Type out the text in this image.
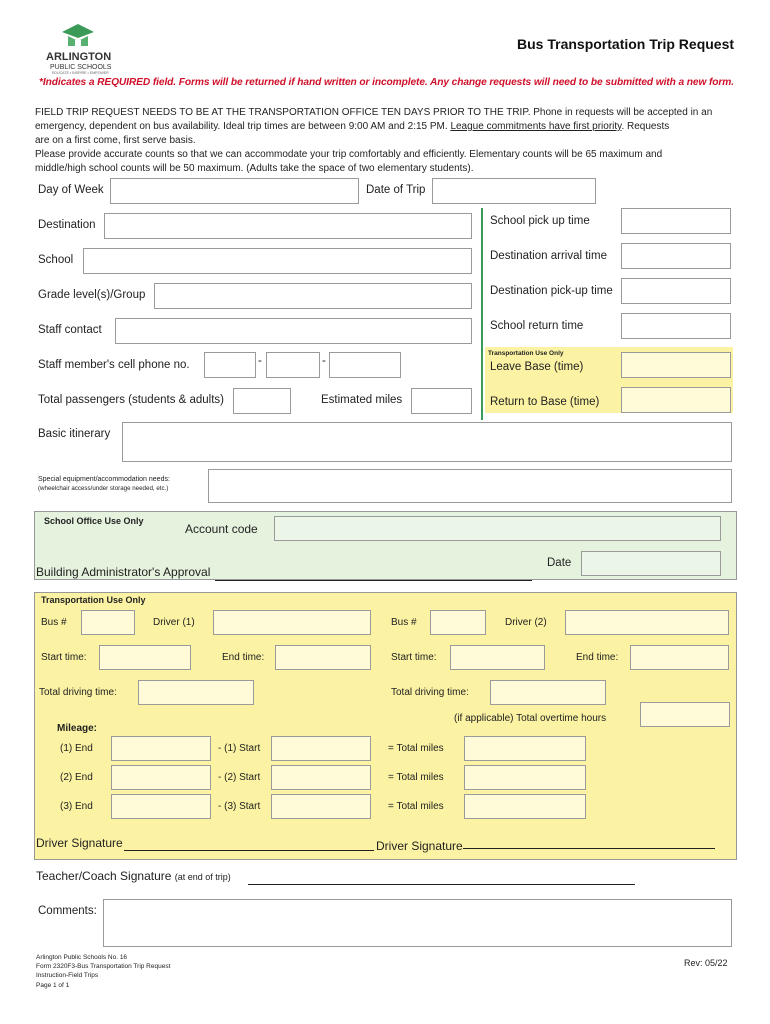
ARLINGTON
PUBLIC SCHOOLS
EDUCATE • INSPIRE • EMPOWER
Bus Transportation Trip Request
*Indicates a REQUIRED field. Forms will be returned if hand written or incomplete. Any change requests will need to be submitted with a new form.
FIELD TRIP REQUEST NEEDS TO BE AT THE TRANSPORTATION OFFICE TEN DAYS PRIOR TO THE TRIP. Phone in requests will be accepted in an
emergency, dependent on bus availability. Ideal trip times are between 9:00 AM and 2:15 PM. League commitments have first priority. Requests
are on a first come, first serve basis.
Please provide accurate counts so that we can accommodate your trip comfortably and efficiently. Elementary counts will be 65 maximum and
middle/high school counts will be 50 maximum. (Adults take the space of two elementary students).
Day of Week	Date of Trip
Destination
School
Grade level(s)/Group
Staff contact
Staff member's cell phone no.	-	-
Total passengers (students & adults)	Estimated miles
School pick up time
Destination arrival time
Destination pick-up time
School return time
Transportation Use Only
Leave Base (time)
Return to Base (time)
Basic itinerary
Special equipment/accommodation needs:
(wheelchair access/under storage needed, etc.)
School Office Use Only
Account code
Date
Building Administrator's Approval
Transportation Use Only
Bus #	Driver (1)	Bus #	Driver (2)
Start time:	End time:	Start time:	End time:
Total driving time:	Total driving time:
(if applicable) Total overtime hours
Mileage:
(1) End	- (1) Start	= Total miles
(2) End	- (2) Start	= Total miles
(3) End	- (3) Start	= Total miles
Driver Signature	Driver Signature
Teacher/Coach Signature (at end of trip)
Comments:
Arlington Public Schools No. 16
Form 2320F3-Bus Transportation Trip Request
Instruction-Field Trips
Page 1 of 1
Rev: 05/22
